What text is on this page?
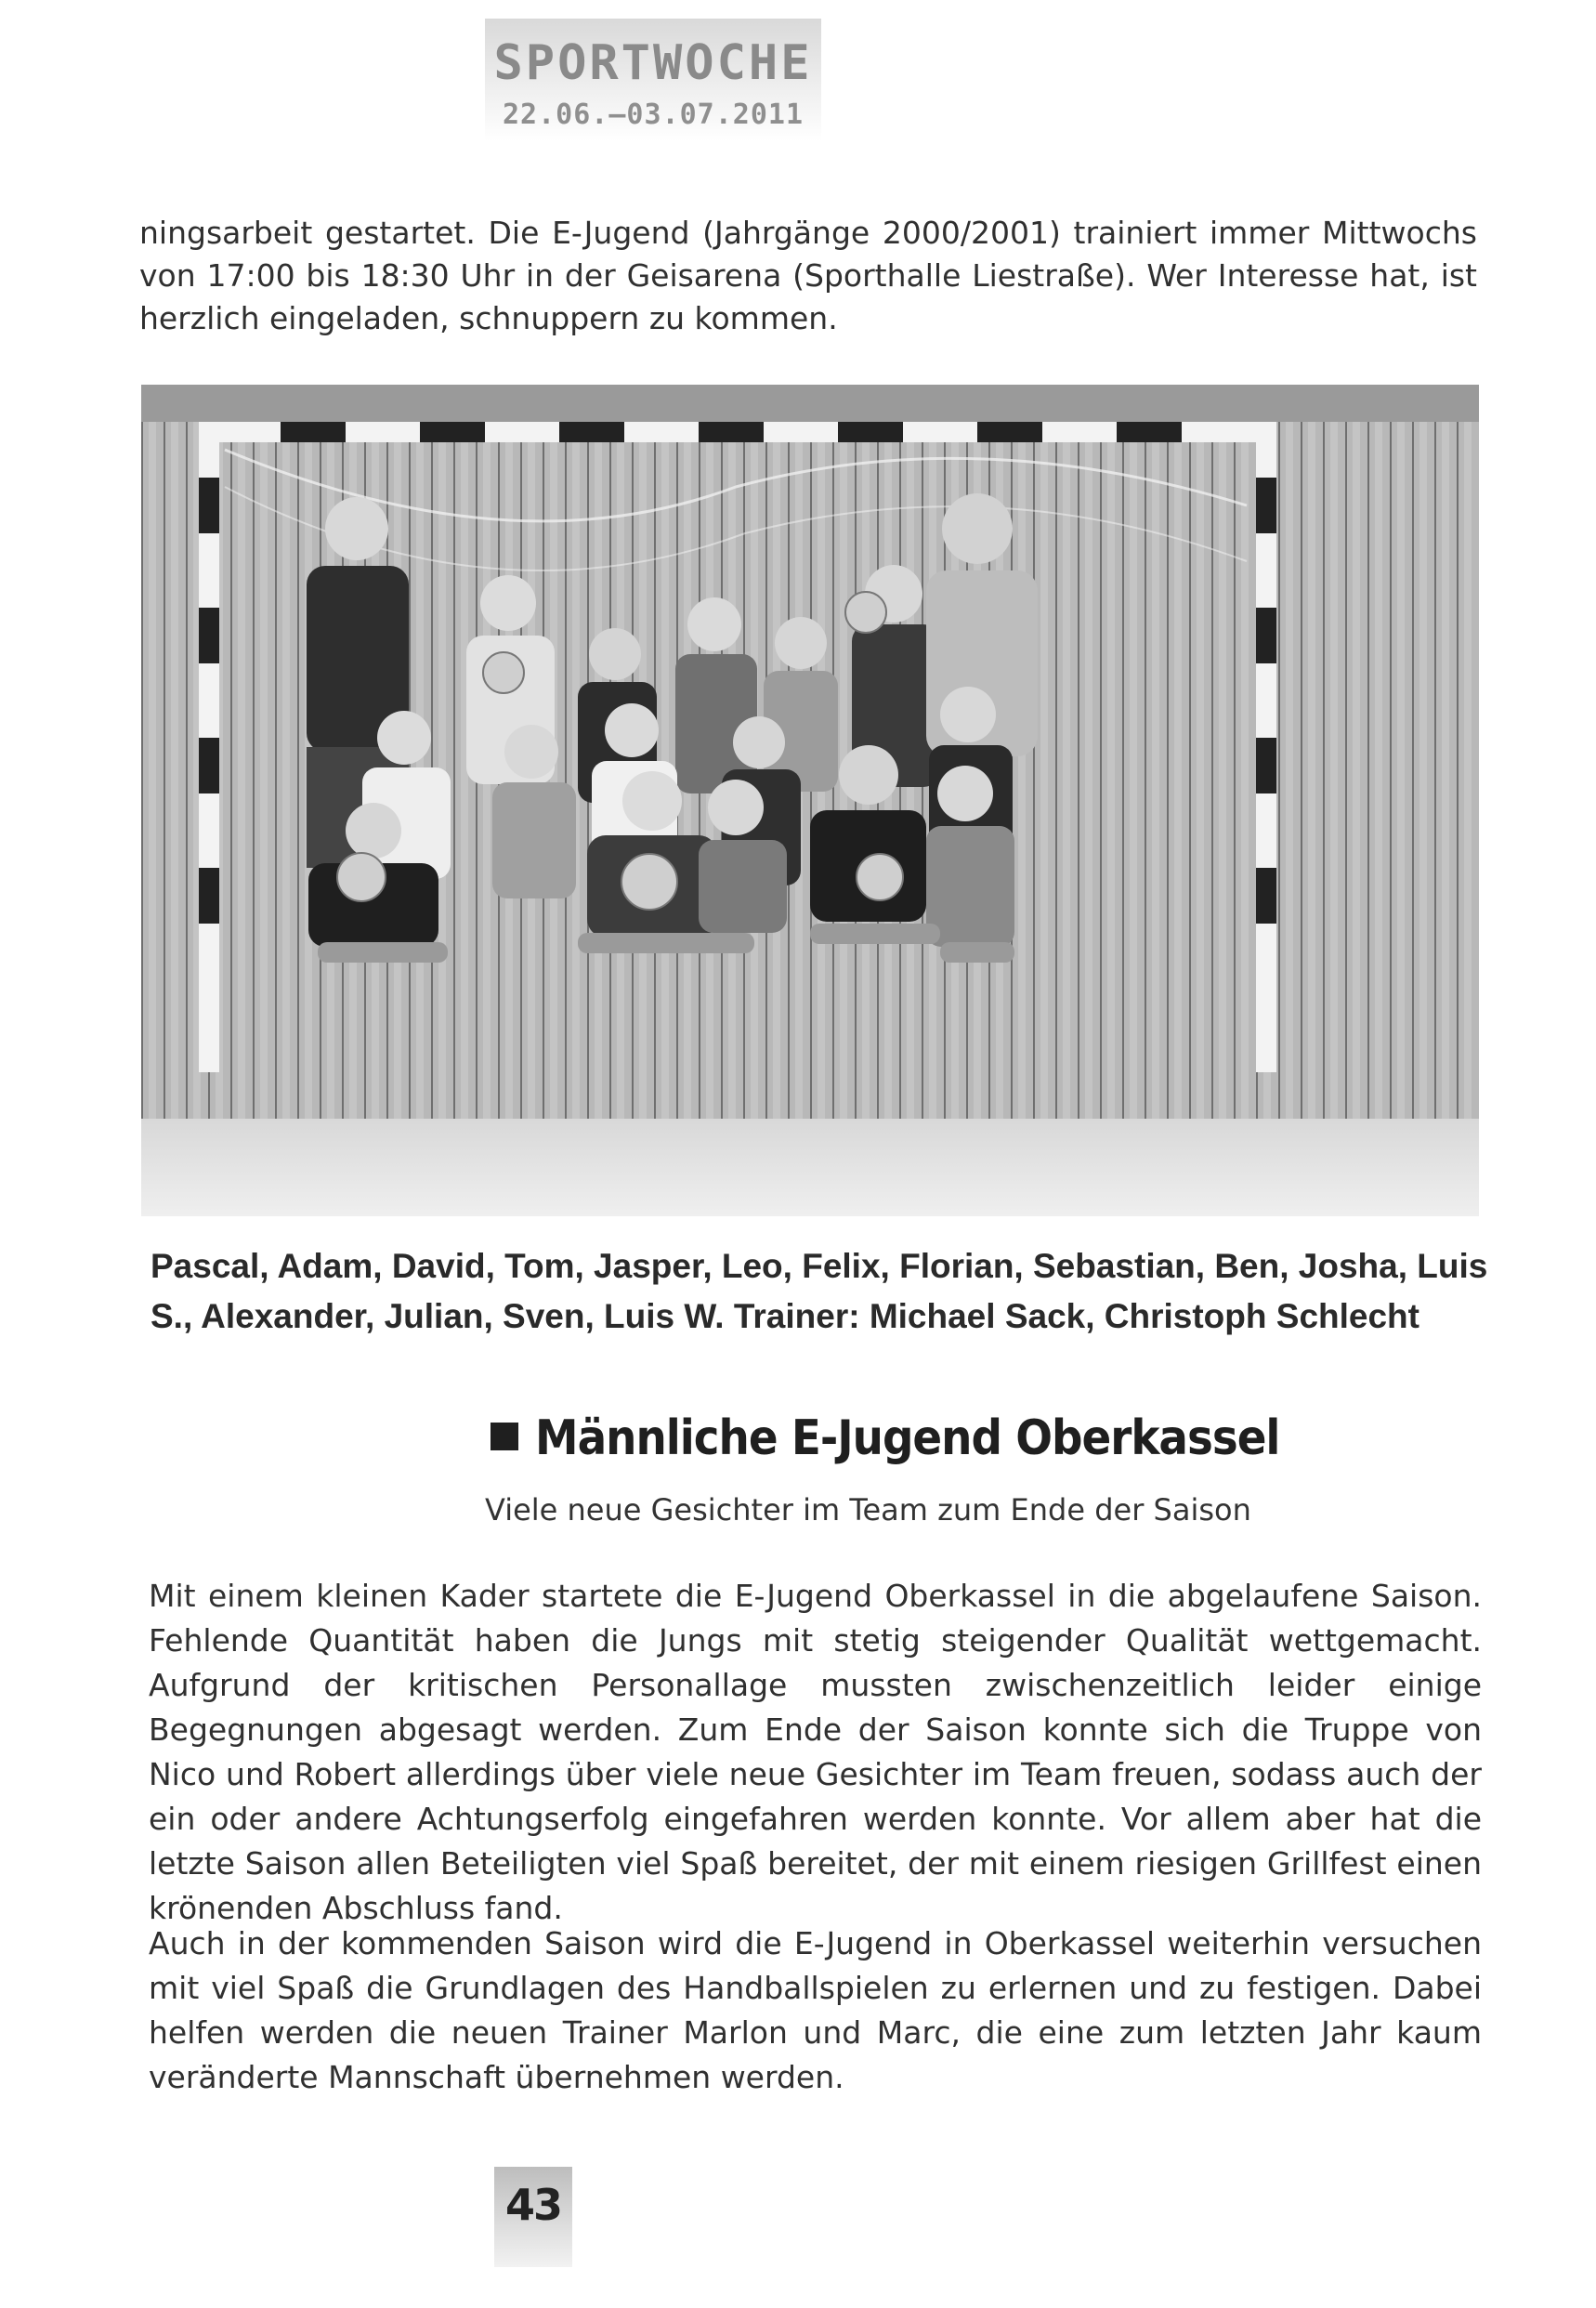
SPORTWOCHE
22.06.–03.07.2011

ningsarbeit gestartet. Die E-Jugend (Jahrgänge 2000/2001) trainiert immer Mittwochs von 17:00 bis 18:30 Uhr in der Geisarena (Sporthalle Liestraße). Wer Interesse hat, ist herzlich eingeladen, schnuppern zu kommen.

Pascal, Adam, David, Tom, Jasper, Leo, Felix, Florian, Sebastian, Ben, Josha, Luis S., Alexander, Julian, Sven, Luis W. Trainer: Michael Sack, Christoph Schlecht

Männliche E-Jugend Oberkassel

Viele neue Gesichter im Team zum Ende der Saison

Mit einem kleinen Kader startete die E-Jugend Oberkassel in die abgelaufene Saison. Fehlende Quantität haben die Jungs mit stetig steigender Qualität wettgemacht. Aufgrund der kritischen Personallage mussten zwischenzeitlich leider einige Begegnungen abgesagt werden. Zum Ende der Saison konnte sich die Truppe von Nico und Robert allerdings über viele neue Gesichter im Team freuen, sodass auch der ein oder andere Achtungserfolg eingefahren werden konnte. Vor allem aber hat die letzte Saison allen Beteiligten viel Spaß bereitet, der mit einem riesigen Grillfest einen krönenden Abschluss fand.

Auch in der kommenden Saison wird die E-Jugend in Oberkassel weiterhin versuchen mit viel Spaß die Grundlagen des Handballspielen zu erlernen und zu festigen. Dabei helfen werden die neuen Trainer Marlon und Marc, die eine zum letzten Jahr kaum veränderte Mannschaft übernehmen werden.

43
